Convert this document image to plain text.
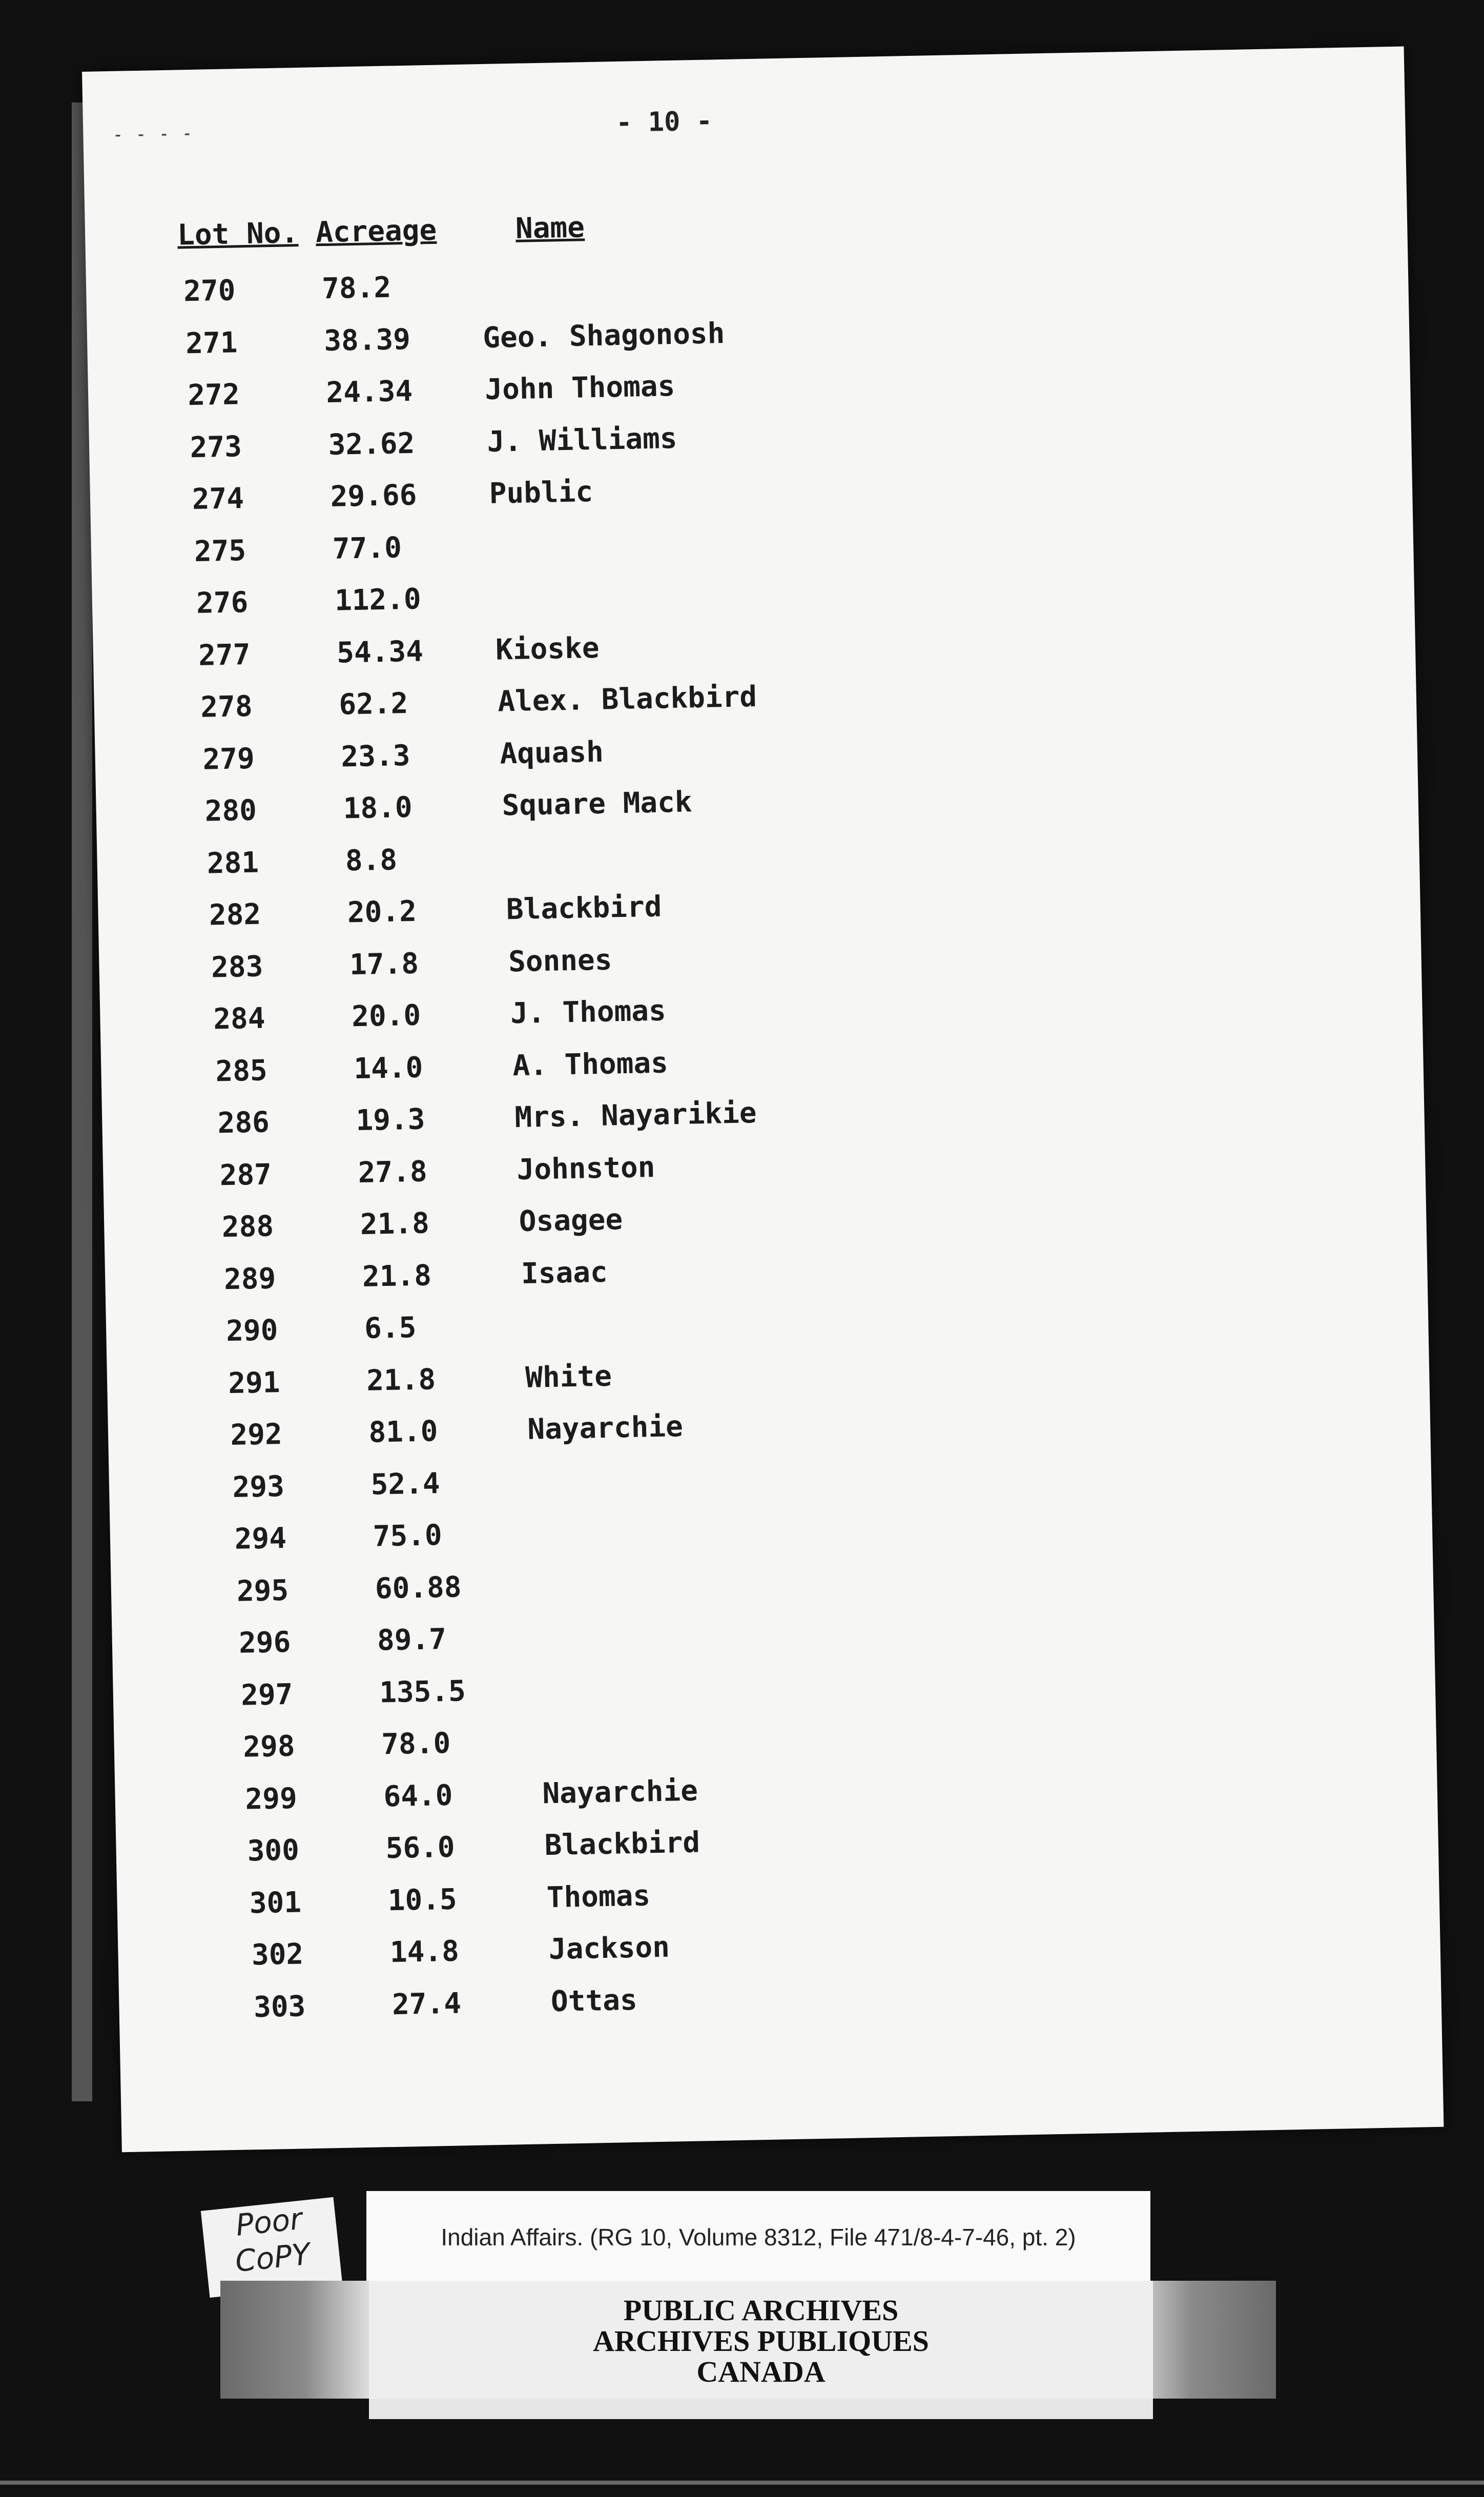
⁃ ⁃ ⁃ ⁃	- 10 -
Lot No. Acreage	Name
270	78.2
271	38.39	Geo. Shagonosh
272	24.34	John Thomas
273	32.62	J. Williams
274	29.66	Public
275	77.0
276	112.0
277	54.34	Kioske
278	62.2	Alex. Blackbird
279	23.3	Aquash
280	18.0	Square Mack
281	8.8
282	20.2	Blackbird
283	17.8	Sonnes
284	20.0	J. Thomas
285	14.0	A. Thomas
286	19.3	Mrs. Nayarikie
287	27.8	Johnston
288	21.8	Osagee
289	21.8	Isaac
290	6.5
291	21.8	White
292	81.0	Nayarchie
293	52.4
294	75.0
295	60.88
296	89.7
297	135.5
298	78.0
299	64.0	Nayarchie
300	56.0	Blackbird
301	10.5	Thomas
302	14.8	Jackson
303	27.4	Ottas
Poor
CoPY	Indian Affairs. (RG 10, Volume 8312, File 471/8-4-7-46, pt. 2)
PUBLIC ARCHIVES
ARCHIVES PUBLIQUES
CANADA
